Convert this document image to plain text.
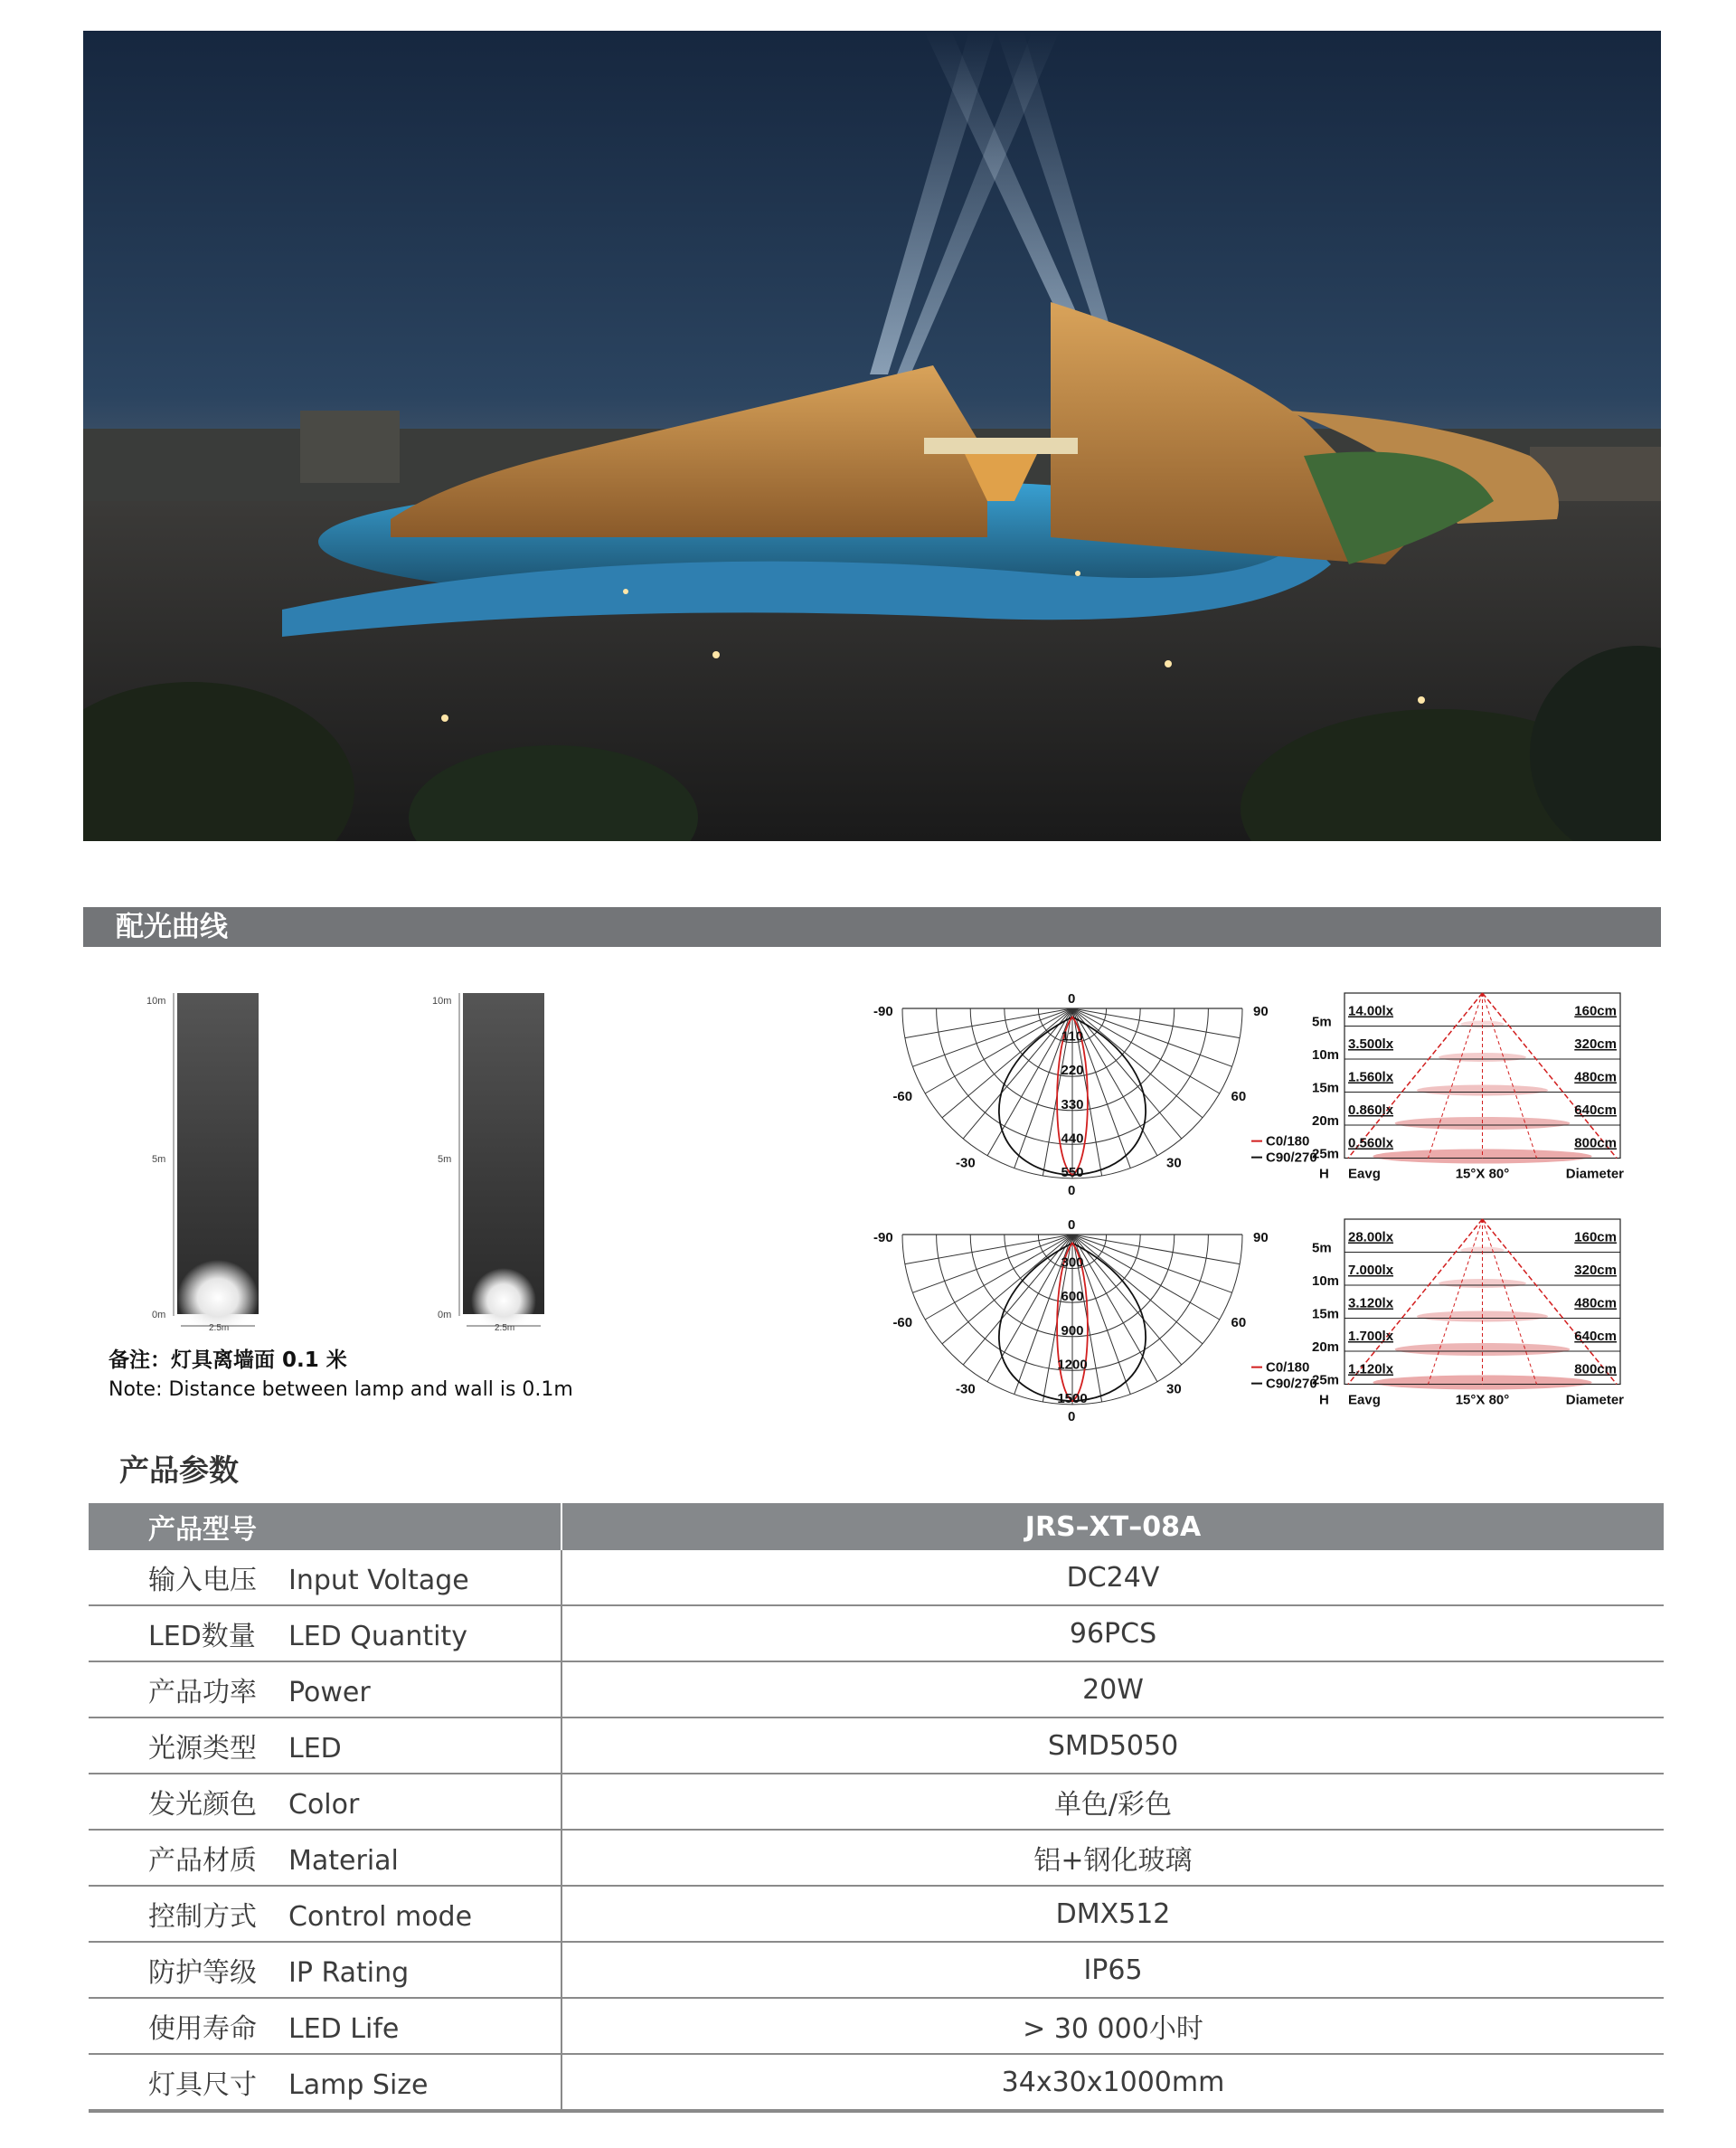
配光曲线
10m
5m
0m
2.5m
10m
5m
0m
2.5m
110
220
330
440
550
-90	90
-60	60
-30	30
0
0
C0/180
C90/270
300
600
900
1200
1500
-90	90
-60	60
-30	30
0
0
C0/180
C90/270
5m
14.00lx	160cm
10m
3.500lx	320cm
15m
1.560lx	480cm
20m
0.860lx	640cm
25m
0.560lx	800cm
H Eavg	15°X 80°	Diameter
5m
28.00lx	160cm
10m
7.000lx	320cm
15m
3.120lx	480cm
20m
1.700lx	640cm
25m
1.120lx	800cm
H Eavg	15°X 80°	Diameter
备注：灯具离墙面 0.1 米
Note: Distance between lamp and wall is 0.1m
产品参数
产品型号	JRS–XT–08A
输入电压 Input Voltage	DC24V
LED数量 LED Quantity	96PCS
产品功率 Power	20W
光源类型 LED	SMD5050
发光颜色 Color	单色/彩色
产品材质 Material	铝+钢化玻璃
控制方式 Control mode	DMX512
防护等级 IP Rating	IP65
使用寿命 LED Life	> 30 000小时
灯具尺寸 Lamp Size	34x30x1000mm
